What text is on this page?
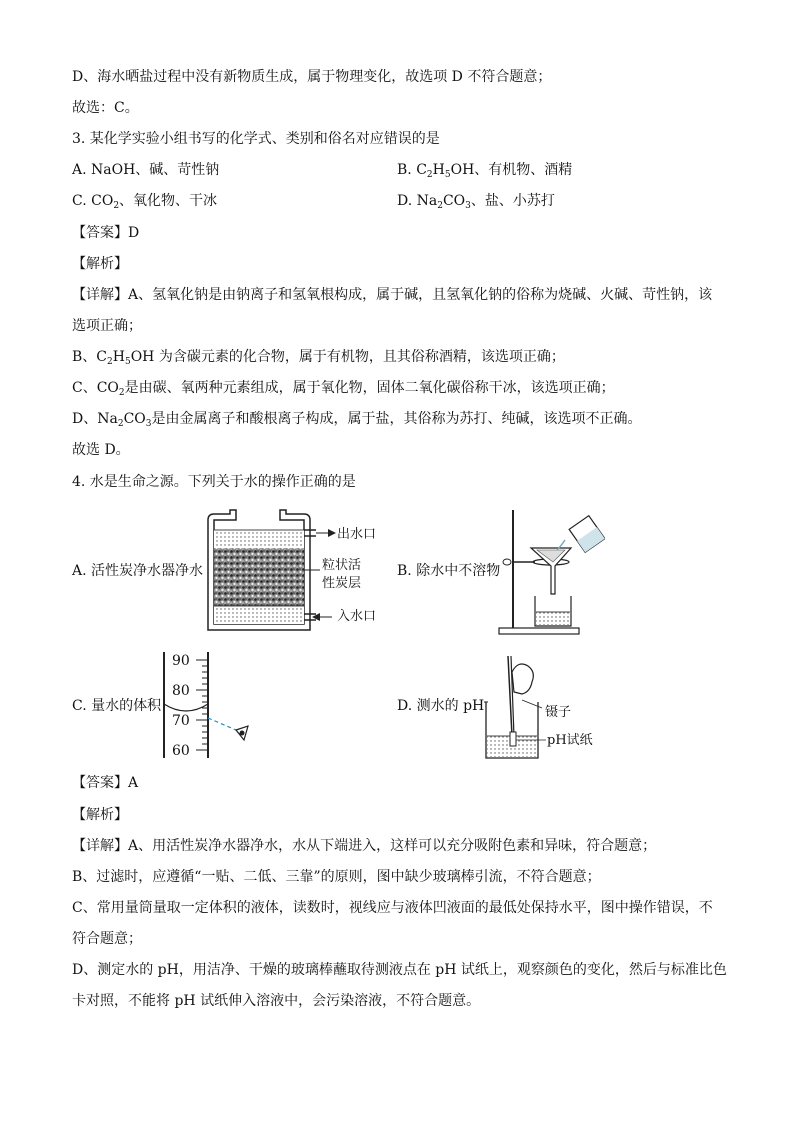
D、海水晒盐过程中没有新物质生成，属于物理变化，故选项 D 不符合题意；
故选：C。
3. 某化学实验小组书写的化学式、类别和俗名对应错误的是
A. NaOH、碱、苛性钠	B. $C_2H_5OH$、有机物、酒精
C. $CO_2$、氧化物、干冰	D. $Na_2CO_3$、盐、小苏打
【答案】D
【解析】
【详解】A、氢氧化钠是由钠离子和氢氧根构成，属于碱，且氢氧化钠的俗称为烧碱、火碱、苛性钠，该
选项正确；
B、$C_2H_5OH$ 为含碳元素的化合物，属于有机物，且其俗称酒精，该选项正确；
C、$CO_2$是由碳、氧两种元素组成，属于氧化物，固体二氧化碳俗称干冰，该选项正确；
D、$Na_2CO_3$是由金属离子和酸根离子构成，属于盐，其俗称为苏打、纯碱，该选项不正确。
故选 D。
4. 水是生命之源。下列关于水的操作正确的是
A. 活性炭净水器净水	B. 除水中不溶物
C. 量水的体积	D. 测水的 pH
出水口
粒状活
性炭层
入水口
90
80
70
60
镊子
pH试纸
【答案】A
【解析】
【详解】A、用活性炭净水器净水，水从下端进入，这样可以充分吸附色素和异味，符合题意；
B、过滤时，应遵循“一贴、二低、三靠”的原则，图中缺少玻璃棒引流，不符合题意；
C、常用量筒量取一定体积的液体，读数时，视线应与液体凹液面的最低处保持水平，图中操作错误，不
符合题意；
D、测定水的 pH，用洁净、干燥的玻璃棒蘸取待测液点在 pH 试纸上，观察颜色的变化，然后与标准比色
卡对照，不能将 pH 试纸伸入溶液中，会污染溶液，不符合题意。
